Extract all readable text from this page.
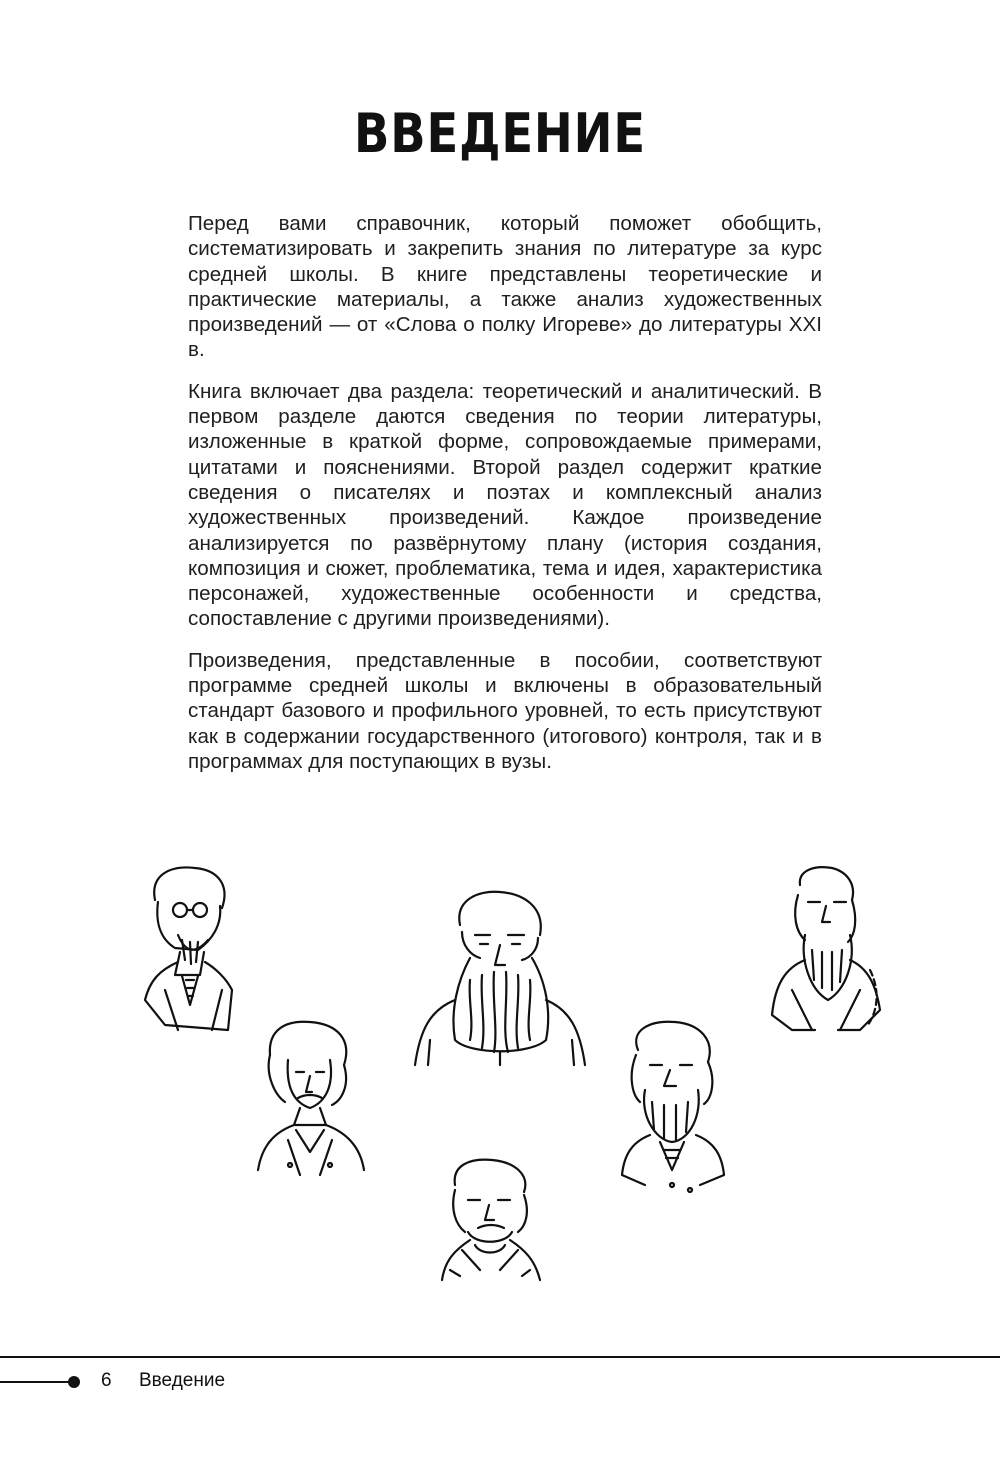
ВВЕДЕНИЕ

Перед вами справочник, который поможет обобщить, систематизировать и закрепить знания по литературе за курс средней школы. В книге представлены теоретические и практические материалы, а также анализ художественных произведений — от «Слова о полку Игореве» до литературы XXI в.

Книга включает два раздела: теоретический и аналитический. В первом разделе даются сведения по теории литературы, изложенные в краткой форме, сопровождаемые примерами, цитатами и пояснениями. Второй раздел содержит краткие сведения о писателях и поэтах и комплексный анализ художественных произведений. Каждое произведение анализируется по развёрнутому плану (история создания, композиция и сюжет, проблематика, тема и идея, характеристика персонажей, художественные особенности и средства, сопоставление с другими произведениями).

Произведения, представленные в пособии, соответствуют программе средней школы и включены в образовательный стандарт базового и профильного уровней, то есть присутствуют как в содержании государственного (итогового) контроля, так и в программах для поступающих в вузы.

6 Введение
